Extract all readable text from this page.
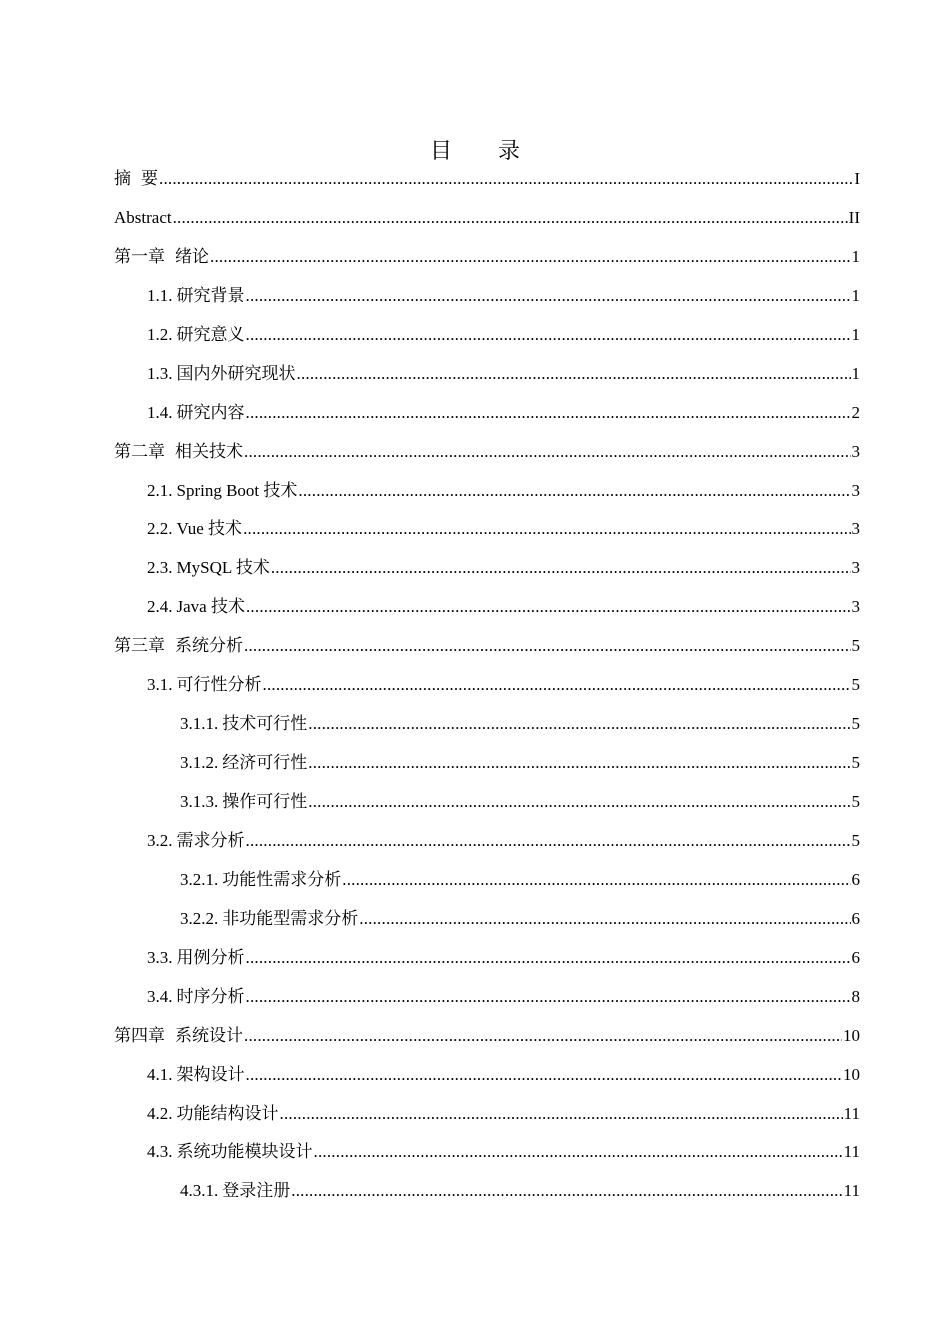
目 录
摘 要 .....	I
Abstract .....	II
第一章 绪论 .....	1
1.1. 研究背景 .....	1
1.2. 研究意义 .....	1
1.3. 国内外研究现状 .....	1
1.4. 研究内容 .....	2
第二章 相关技术 .....	3
2.1. Spring Boot 技术 .....	3
2.2. Vue 技术 .....	3
2.3. MySQL 技术 .....	3
2.4. Java 技术 .....	3
第三章 系统分析 .....	5
3.1. 可行性分析 .....	5
3.1.1. 技术可行性 .....	5
3.1.2. 经济可行性 .....	5
3.1.3. 操作可行性 .....	5
3.2. 需求分析 .....	5
3.2.1. 功能性需求分析 .....	6
3.2.2. 非功能型需求分析 .....	6
3.3. 用例分析 .....	6
3.4. 时序分析 .....	8
第四章 系统设计 .....	10
4.1. 架构设计 .....	10
4.2. 功能结构设计 .....	11
4.3. 系统功能模块设计 .....	11
4.3.1. 登录注册 .....	11
